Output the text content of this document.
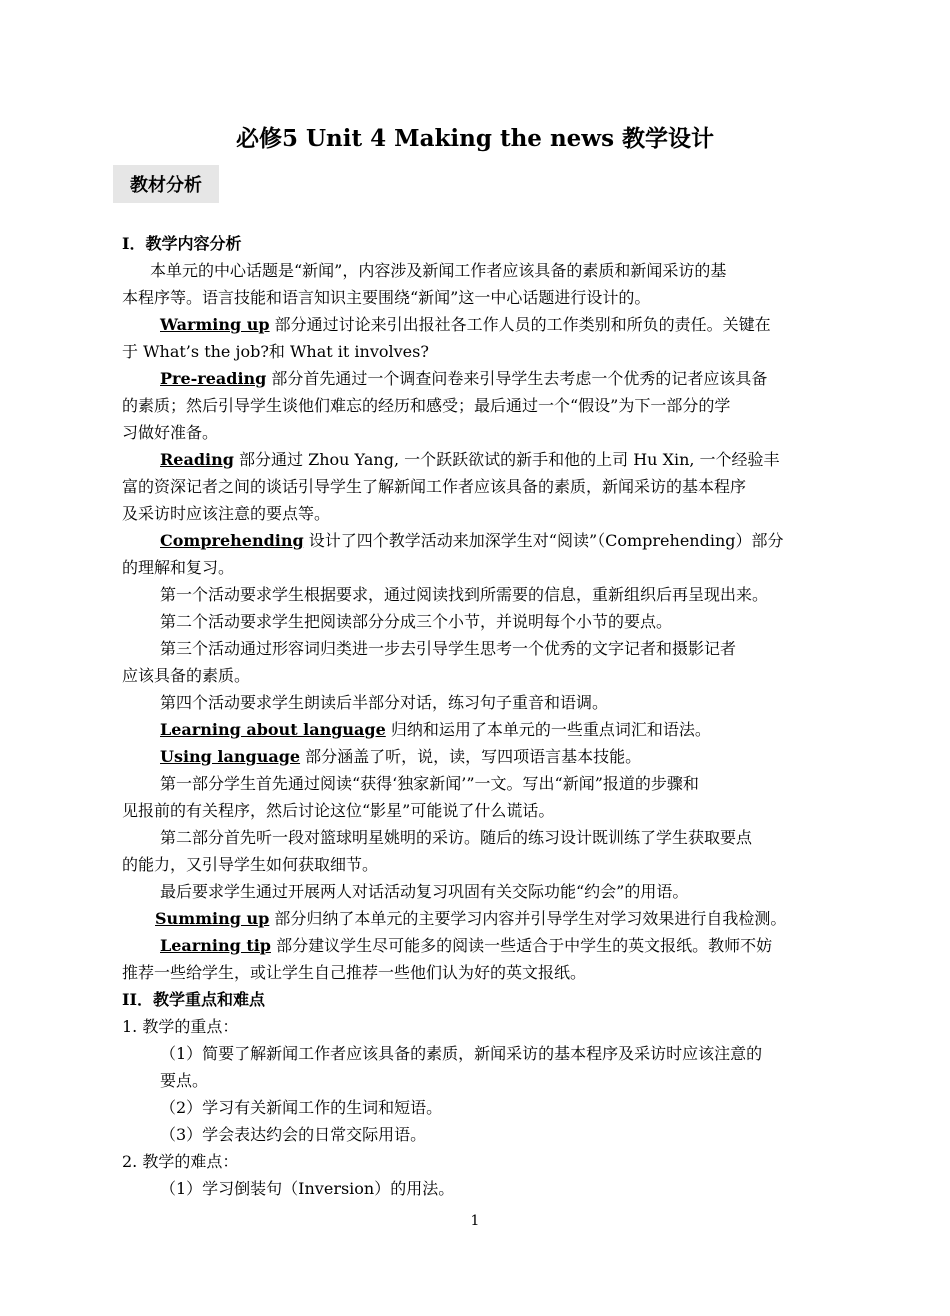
必修5 Unit 4 Making the news 教学设计
教材分析
I．教学内容分析
本单元的中心话题是“新闻”，内容涉及新闻工作者应该具备的素质和新闻采访的基
本程序等。语言技能和语言知识主要围绕“新闻”这一中心话题进行设计的。
Warming up 部分通过讨论来引出报社各工作人员的工作类别和所负的责任。关键在
于 What’s the job?和 What it involves?
Pre-reading 部分首先通过一个调查问卷来引导学生去考虑一个优秀的记者应该具备
的素质；然后引导学生谈他们难忘的经历和感受；最后通过一个“假设”为下一部分的学
习做好准备。
Reading 部分通过 Zhou Yang, 一个跃跃欲试的新手和他的上司 Hu Xin, 一个经验丰
富的资深记者之间的谈话引导学生了解新闻工作者应该具备的素质，新闻采访的基本程序
及采访时应该注意的要点等。
Comprehending 设计了四个教学活动来加深学生对“阅读”（Comprehending）部分
的理解和复习。
第一个活动要求学生根据要求，通过阅读找到所需要的信息，重新组织后再呈现出来。
第二个活动要求学生把阅读部分分成三个小节，并说明每个小节的要点。
第三个活动通过形容词归类进一步去引导学生思考一个优秀的文字记者和摄影记者
应该具备的素质。
第四个活动要求学生朗读后半部分对话，练习句子重音和语调。
Learning about language 归纳和运用了本单元的一些重点词汇和语法。
Using language 部分涵盖了听，说，读，写四项语言基本技能。
第一部分学生首先通过阅读“获得‘独家新闻’”一文。写出“新闻”报道的步骤和
见报前的有关程序，然后讨论这位“影星”可能说了什么谎话。
第二部分首先听一段对篮球明星姚明的采访。随后的练习设计既训练了学生获取要点
的能力，又引导学生如何获取细节。
最后要求学生通过开展两人对话活动复习巩固有关交际功能“约会”的用语。
Summing up 部分归纳了本单元的主要学习内容并引导学生对学习效果进行自我检测。
Learning tip 部分建议学生尽可能多的阅读一些适合于中学生的英文报纸。教师不妨
推荐一些给学生，或让学生自己推荐一些他们认为好的英文报纸。
II．教学重点和难点
1. 教学的重点：
（1）简要了解新闻工作者应该具备的素质，新闻采访的基本程序及采访时应该注意的
要点。
（2）学习有关新闻工作的生词和短语。
（3）学会表达约会的日常交际用语。
2. 教学的难点：
（1）学习倒装句（Inversion）的用法。
1
